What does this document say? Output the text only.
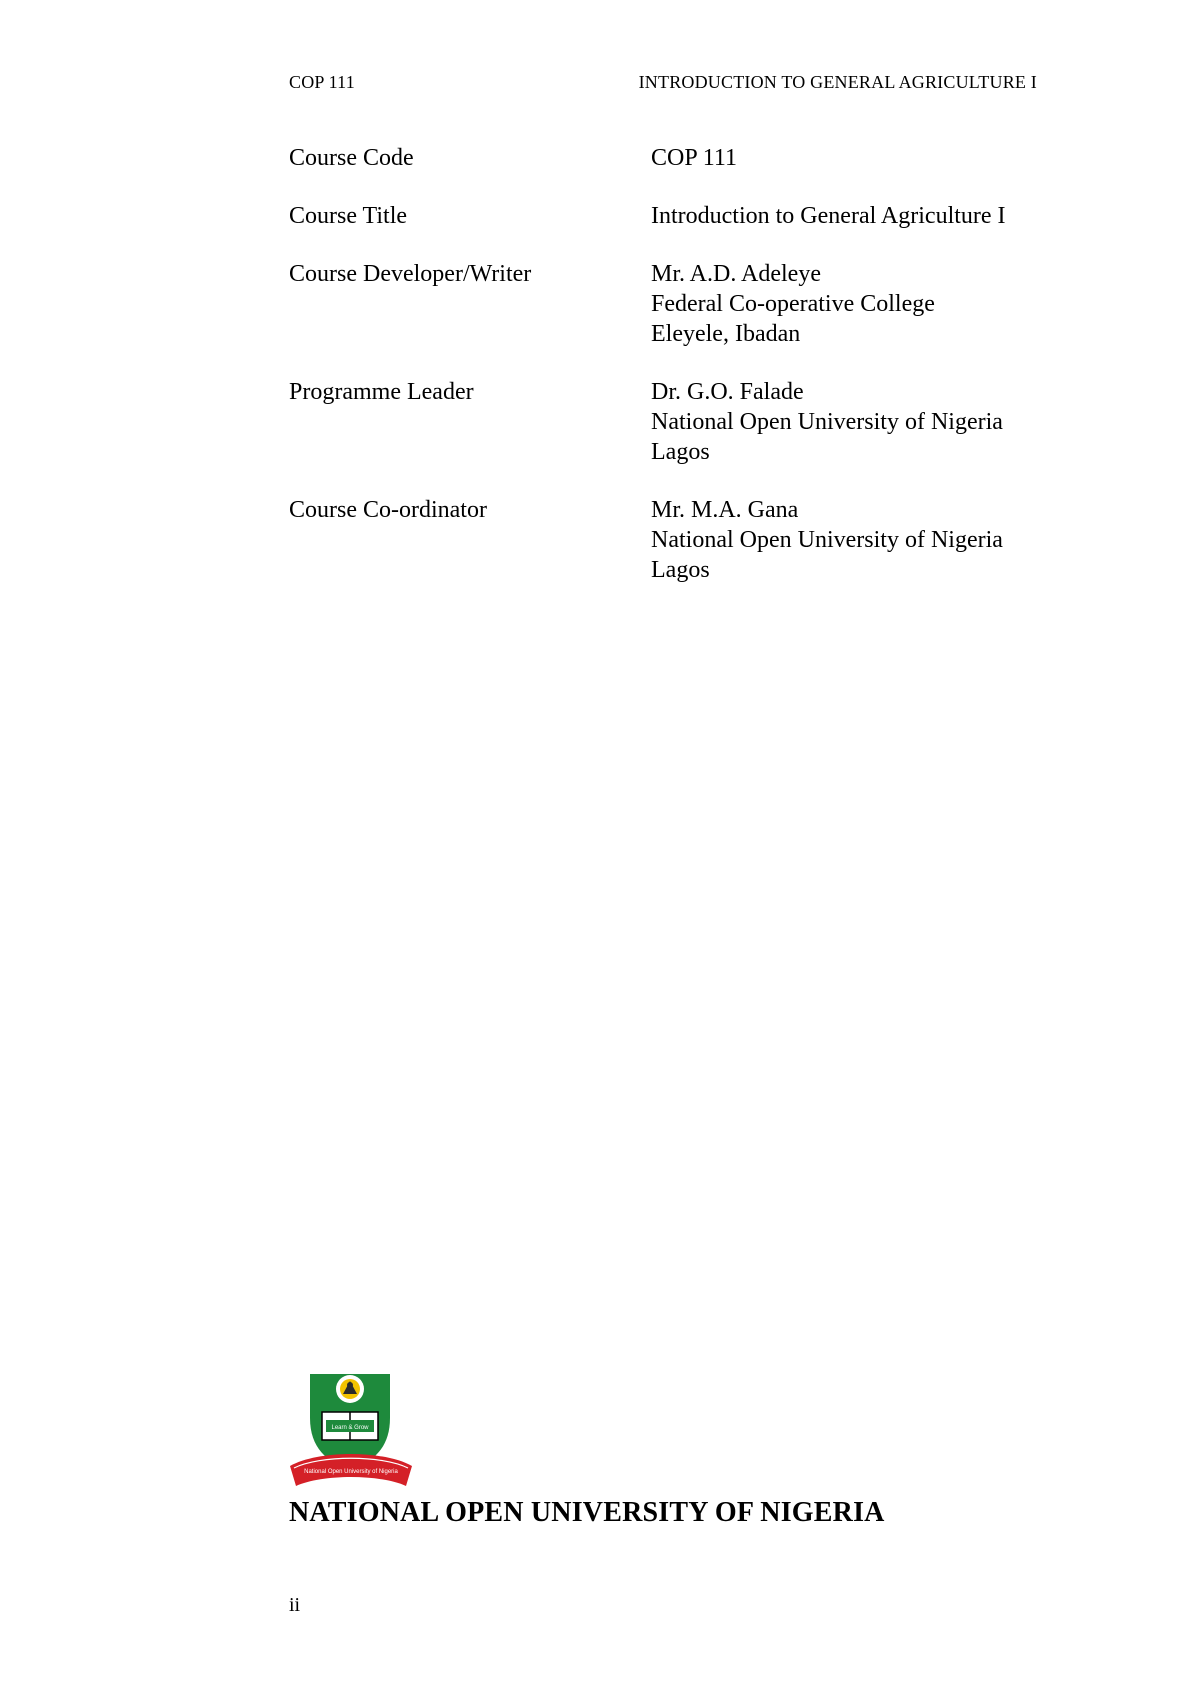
COP 111	INTRODUCTION TO GENERAL AGRICULTURE I
Course Code	COP 111
Course Title	Introduction to General Agriculture I
Course Developer/Writer	Mr. A.D. Adeleye
Federal Co-operative College
Eleyele, Ibadan
Programme Leader	Dr. G.O. Falade
National Open University of Nigeria
Lagos
Course Co-ordinator	Mr. M.A. Gana
National Open University of Nigeria
Lagos
Learn & Grow
National Open University of Nigeria
NATIONAL OPEN UNIVERSITY OF NIGERIA
ii
